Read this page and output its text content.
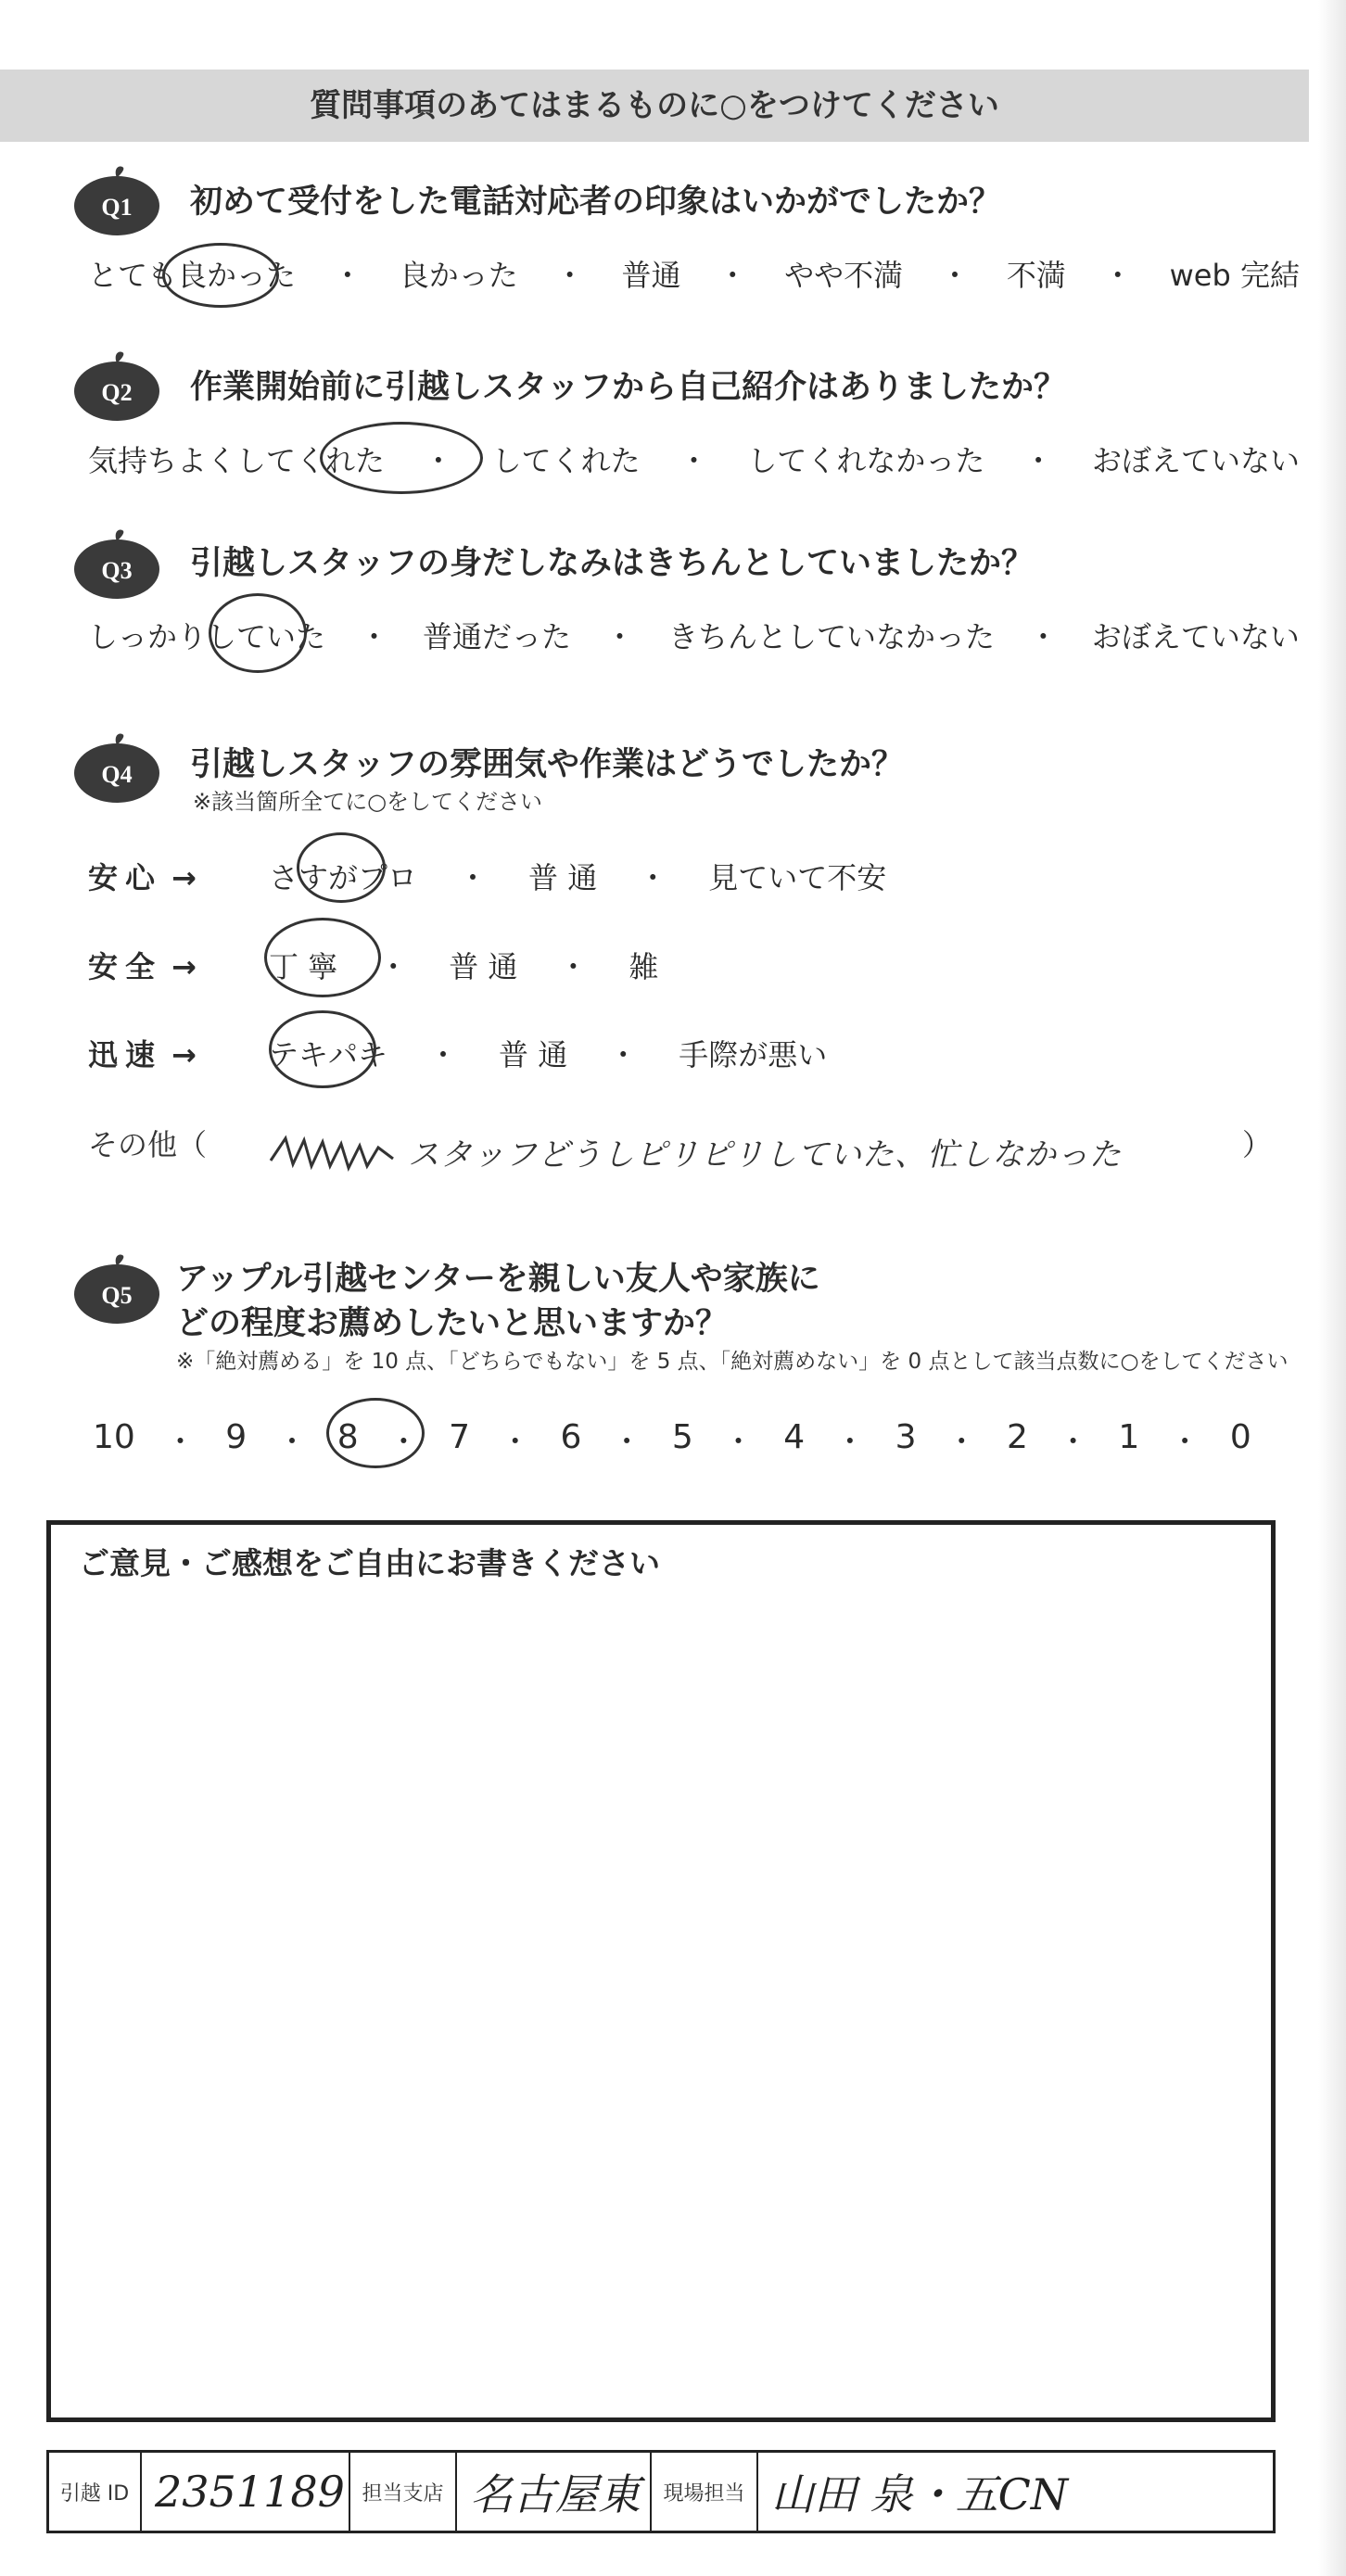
質問事項のあてはまるものに○をつけてください
Q1 初めて受付をした電話対応者の印象はいかがでしたか？
とても良かった ・ 良かった ・ 普通 ・ やや不満 ・ 不満 ・ web 完結
Q2 作業開始前に引越しスタッフから自己紹介はありましたか？
気持ちよくしてくれた ・ してくれた ・ してくれなかった ・ おぼえていない
Q3 引越しスタッフの身だしなみはきちんとしていましたか？
しっかりしていた ・ 普通だった ・ きちんとしていなかった ・ おぼえていない
Q4 引越しスタッフの雰囲気や作業はどうでしたか？
※該当箇所全てに○をしてください
安心 → さすがプロ ・ 普 通 ・ 見ていて不安
安全 → 丁 寧 ・ 普 通 ・ 雑
迅速 → テキパキ ・ 普 通 ・ 手際が悪い
その他（	スタッフどうしピリピリしていた、忙しなかった	）
Q5 アップル引越センターを親しい友人や家族に
どの程度お薦めしたいと思いますか？
※「絶対薦める」を 10 点、「どちらでもない」を 5 点、「絶対薦めない」を 0 点として該当点数に○をしてください
10 ・ 9 ・ 8 ・ 7 ・ 6 ・ 5 ・ 4 ・ 3 ・ 2 ・ 1 ・ 0
ご意見・ご感想をご自由にお書きください
引越 ID 2351189 担当支店 名古屋東	現場担当 山田 泉・五CN
